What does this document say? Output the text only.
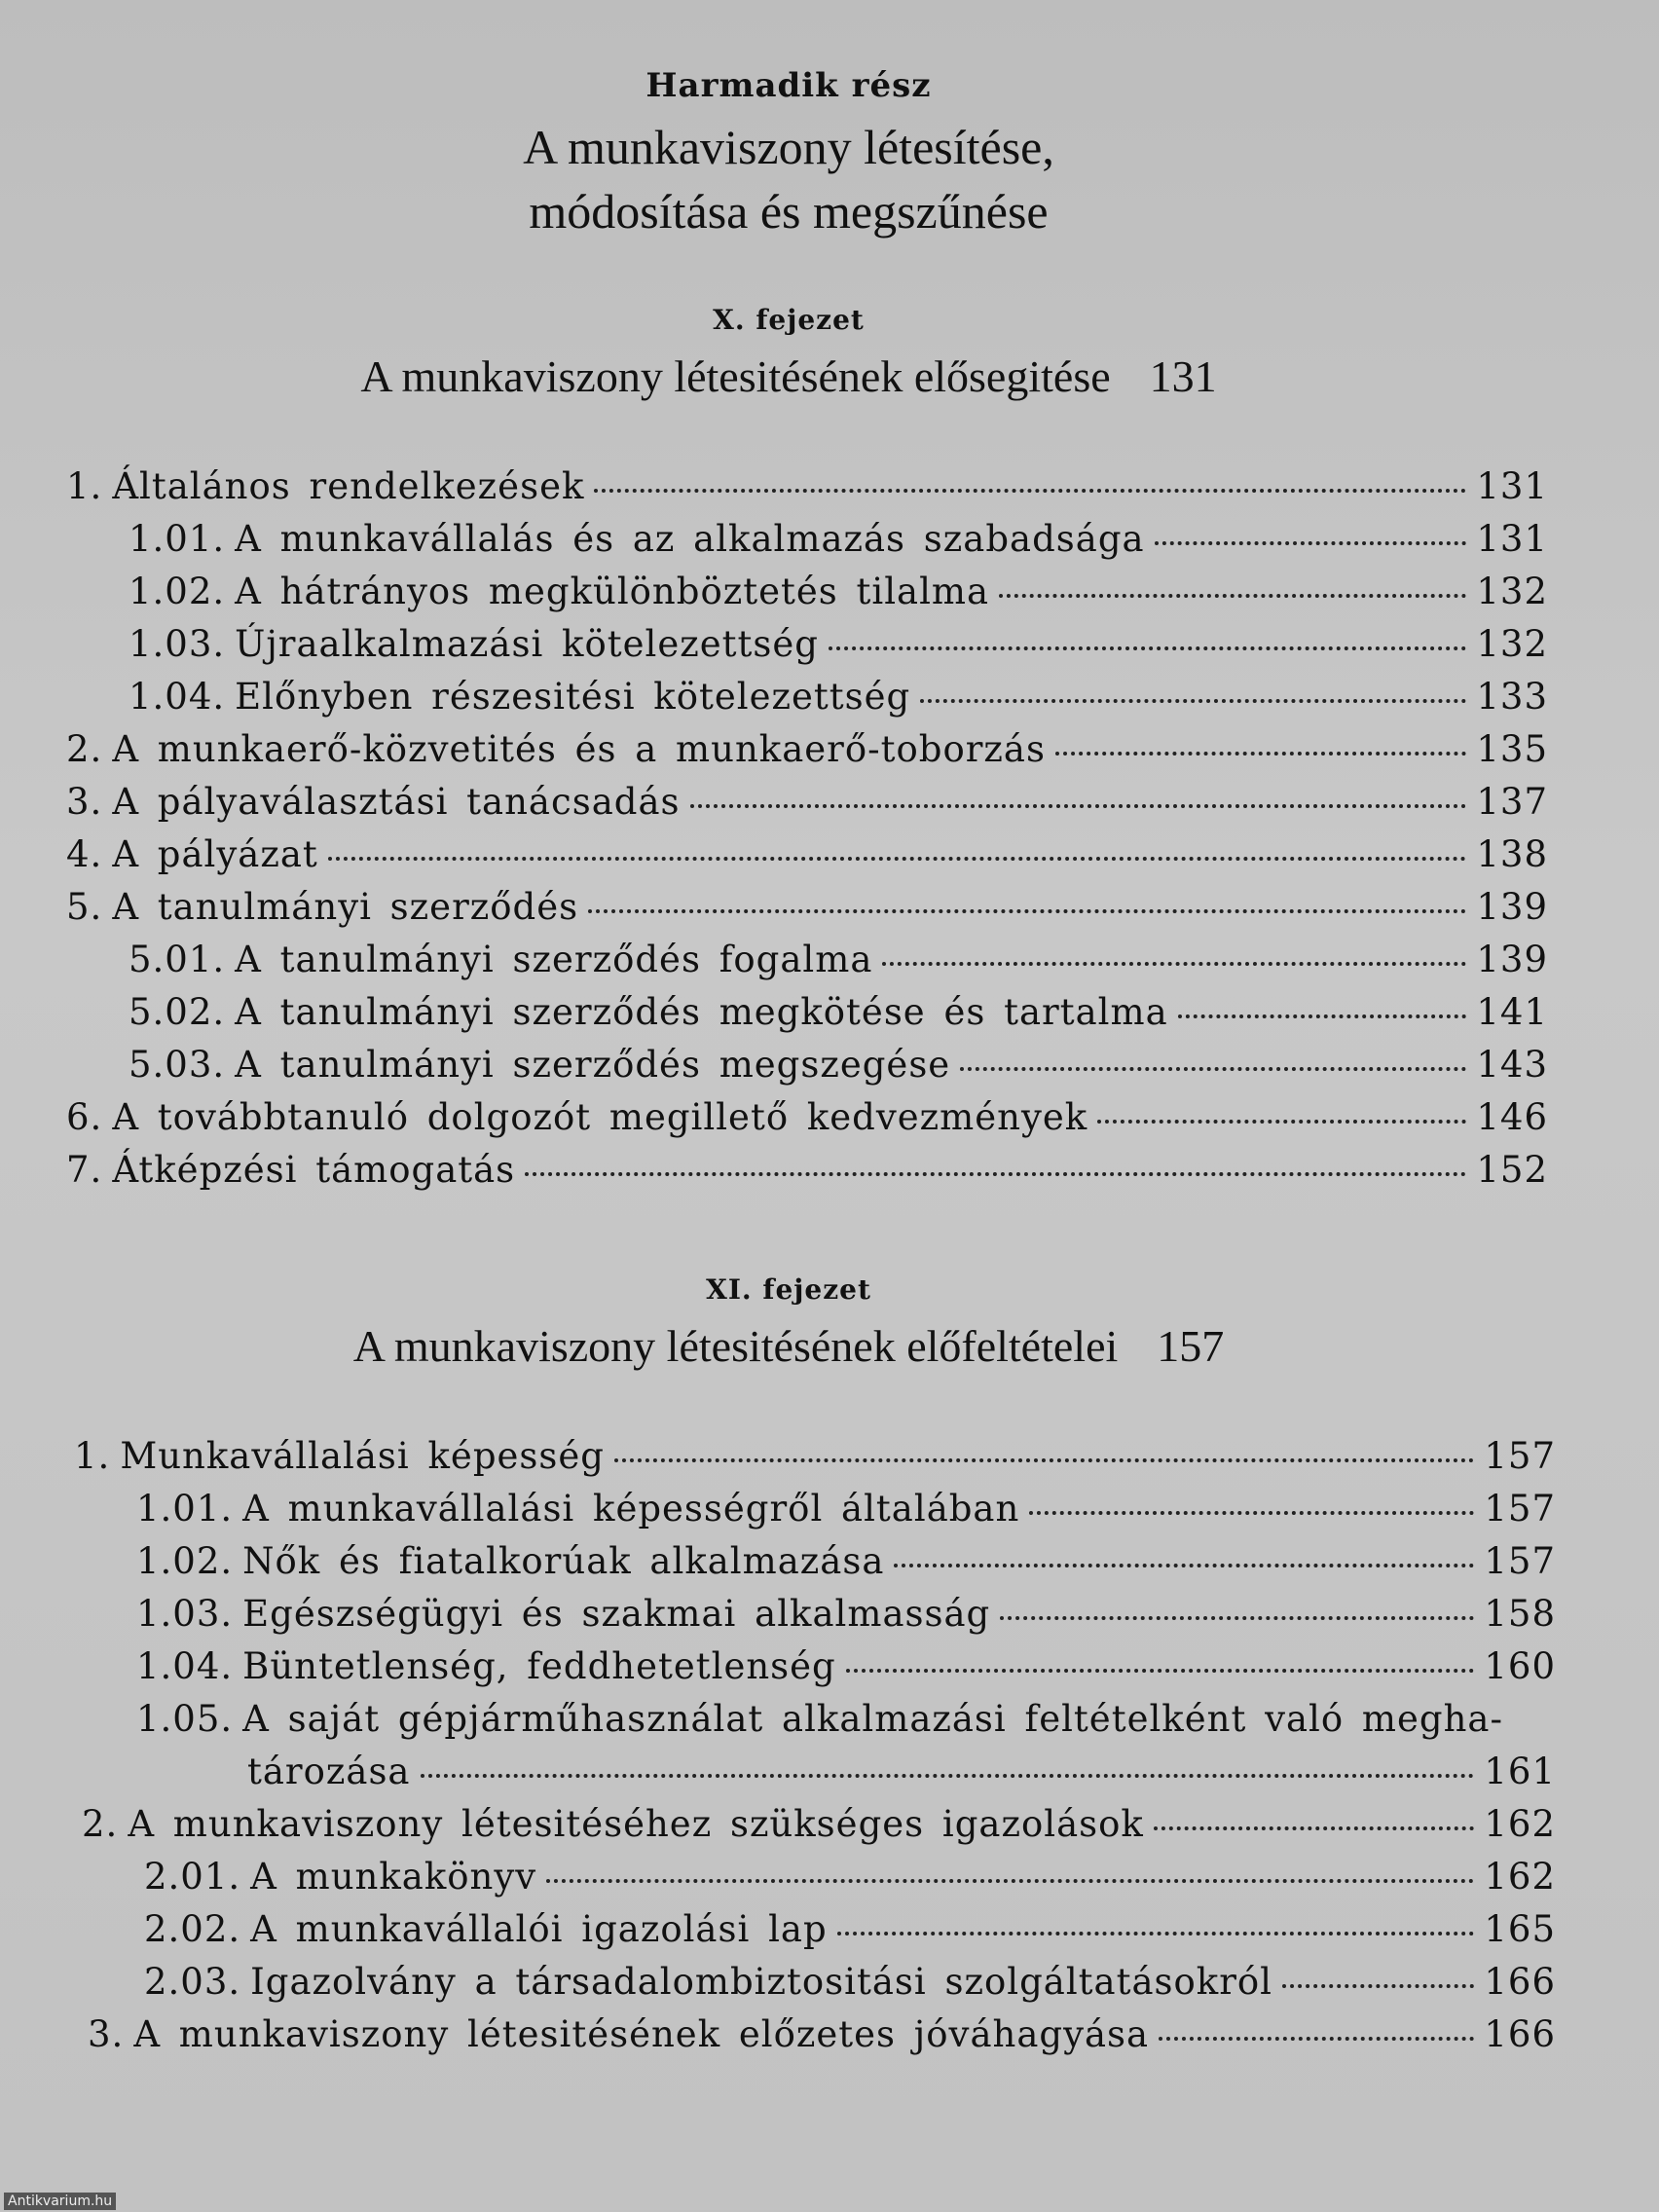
Harmadik rész
A munkaviszony létesítése,
módosítása és megszűnése
X. fejezet
A munkaviszony létesitésének elősegitése 131
1. Általános rendelkezések	131
1.01. A munkavállalás és az alkalmazás szabadsága	131
1.02. A hátrányos megkülönböztetés tilalma	132
1.03. Újraalkalmazási kötelezettség	132
1.04. Előnyben részesitési kötelezettség	133
2. A munkaerő-közvetités és a munkaerő-toborzás	135
3. A pályaválasztási tanácsadás	137
4. A pályázat	138
5. A tanulmányi szerződés	139
5.01. A tanulmányi szerződés fogalma	139
5.02. A tanulmányi szerződés megkötése és tartalma	141
5.03. A tanulmányi szerződés megszegése	143
6. A továbbtanuló dolgozót megillető kedvezmények	146
7. Átképzési támogatás	152
XI. fejezet
A munkaviszony létesitésének előfeltételei 157
1. Munkavállalási képesség	157
1.01. A munkavállalási képességről általában	157
1.02. Nők és fiatalkorúak alkalmazása	157
1.03. Egészségügyi és szakmai alkalmasság	158
1.04. Büntetlenség, feddhetetlenség	160
1.05. A saját gépjárműhasználat alkalmazási feltételként való megha-
tározása	161
2. A munkaviszony létesitéséhez szükséges igazolások	162
2.01. A munkakönyv	162
2.02. A munkavállalói igazolási lap	165
2.03. Igazolvány a társadalombiztositási szolgáltatásokról	166
3. A munkaviszony létesitésének előzetes jóváhagyása	166
Antikvarium.hu
